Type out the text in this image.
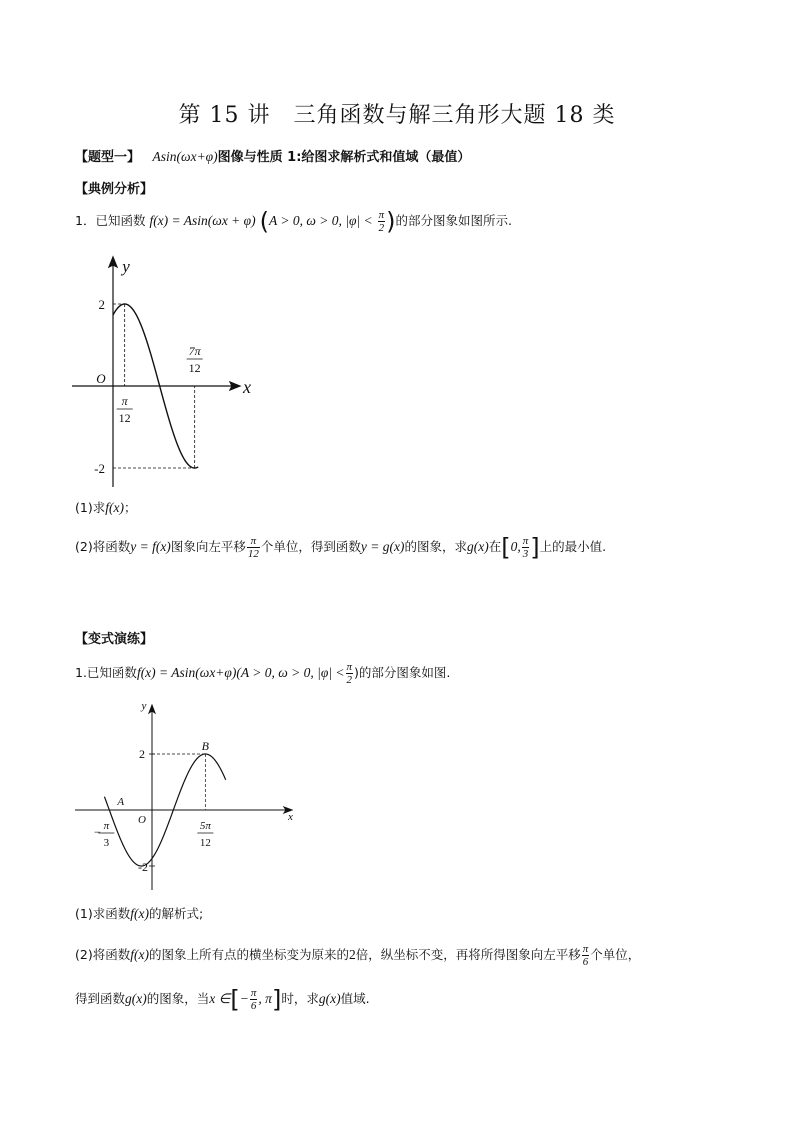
第 15 讲　三角函数与解三角形大题 18 类
【题型一】 Asin(ωx+φ)图像与性质 1:给图求解析式和值域（最值）
【典例分析】
1．已知函数 f(x) = Asin(ωx + φ) (A > 0, ω > 0, $|\varphi| < \frac{\pi}{2}$ )的部分图象如图所示.
y
x
O
2
-2
π
12
7π
12
(1)求f(x)；
(2)将函数y = f(x)图象向左平移 $\frac{\pi}{12}$ 个单位，得到函数y = g(x)的图象，求g(x)在[0, $\frac{\pi}{3}$ ]上的最小值.
【变式演练】
1.已知函数f(x) = Asin(ωx+φ)(A > 0, ω > 0, $|\varphi| < \frac{\pi}{2}$ )的部分图象如图.
y
x
O
A
B
2
-2
− π
3
5π
12
(1)求函数f(x)的解析式;
(2)将函数f(x)的图象上所有点的横坐标变为原来的2倍，纵坐标不变，再将所得图象向左平移 $\frac{\pi}{6}$ 个单位，
得到函数g(x)的图象，当x ∈[− $\frac{\pi}{6}$ , π]时，求g(x)值域.
